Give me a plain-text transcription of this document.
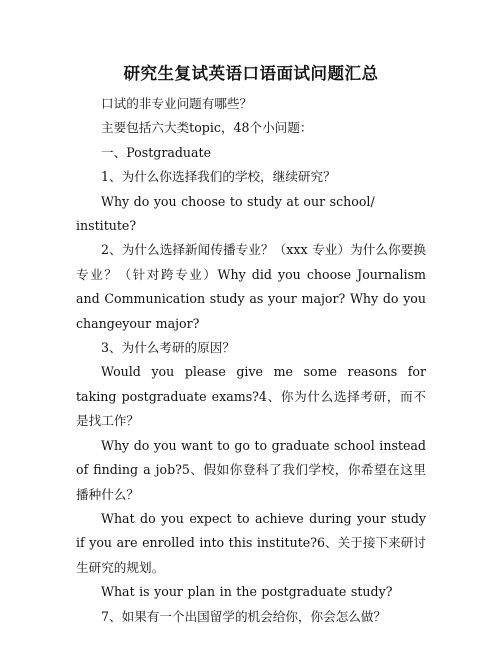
研究生复试英语口语面试问题汇总

口试的非专业问题有哪些？

主要包括六大类topic，48个小问题：

一、Postgraduate

1、为什么你选择我们的学校，继续研究？

Why do you choose to study at our school/ institute?

2、为什么选择新闻传播专业？（xxx 专业）为什么你要换专业？（针对跨专业）Why did you choose Journalism and Communication study as your major? Why do you changeyour major?

3、为什么考研的原因？

Would you please give me some reasons for taking postgraduate exams?4、你为什么选择考研，而不是找工作？

Why do you want to go to graduate school instead of finding a job?5、假如你登科了我们学校，你希望在这里播种什么？

What do you expect to achieve during your study if you are enrolled into this institute?6、关于接下来研讨生研究的规划。

What is your plan in the postgraduate study?

7、如果有一个出国留学的机会给你，你会怎么做？
